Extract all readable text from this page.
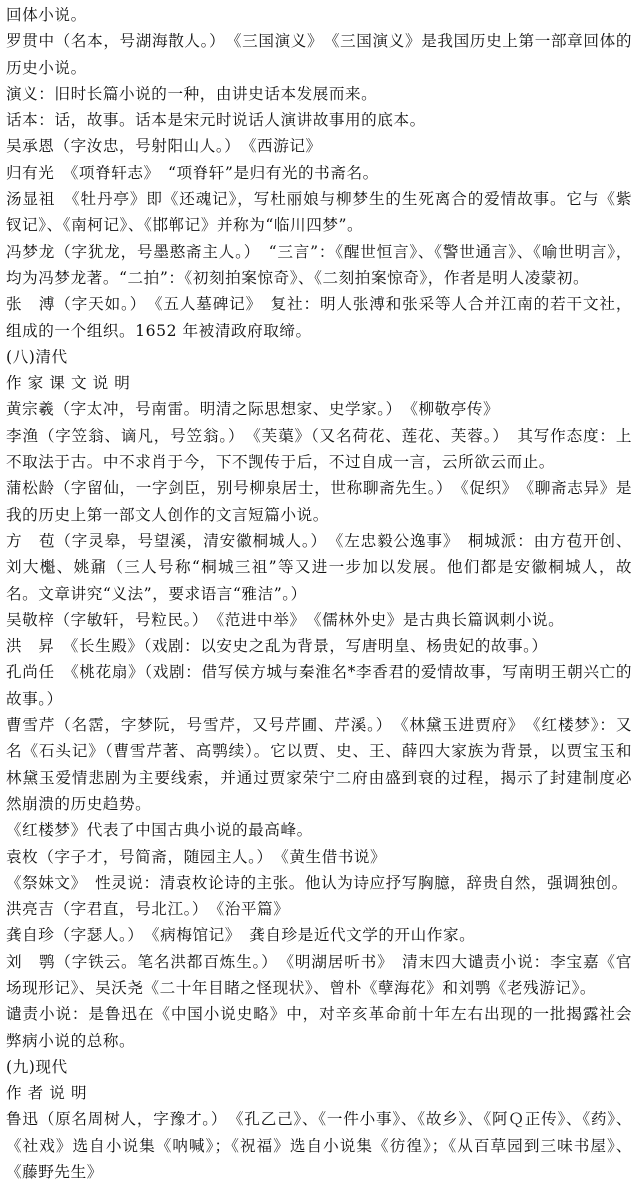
回体小说。

罗贯中（名本，号湖海散人。）　《三国演义》　《三国演义》是我国历史上第一部章回体的历史小说。

演义：旧时长篇小说的一种，由讲史话本发展而来。

话本：话，故事。话本是宋元时说话人演讲故事用的底本。

吴承恩（字汝忠，号射阳山人。）　《西游记》

归有光　《项脊轩志》　“项脊轩”是归有光的书斋名。

汤显祖　《牡丹亭》即《还魂记》，写杜丽娘与柳梦生的生死离合的爱情故事。它与《紫钗记》、《南柯记》、《邯郸记》并称为“临川四梦”。

冯梦龙（字犹龙，号墨憨斋主人。）　“三言”：《醒世恒言》、《警世通言》、《喻世明言》，均为冯梦龙著。“二拍”：《初刻拍案惊奇》、《二刻拍案惊奇》，作者是明人凌蒙初。

张　溥（字天如。）　《五人墓碑记》　复社：明人张溥和张采等人合并江南的若干文社，组成的一个组织。1652 年被清政府取缔。

(八)清代

作 家 课 文 说 明

黄宗羲（字太冲，号南雷。明清之际思想家、史学家。）　《柳敬亭传》

李渔（字笠翁、谪凡，号笠翁。）　《芙蕖》（又名荷花、莲花、芙蓉。）　其写作态度：上不取法于古。中不求肖于今，下不觊传于后，不过自成一言，云所欲云而止。

蒲松龄（字留仙，一字剑臣，别号柳泉居士，世称聊斋先生。）　《促织》　《聊斋志异》是我的历史上第一部文人创作的文言短篇小说。

方　苞（字灵皋，号望溪，清安徽桐城人。）　《左忠毅公逸事》　桐城派：由方苞开创、刘大櫆、姚鼐（三人号称“桐城三祖”等又进一步加以发展。他们都是安徽桐城人，故名。文章讲究“义法”，要求语言“雅洁”。）

吴敬梓（字敏轩，号粒民。）　《范进中举》　《儒林外史》是古典长篇讽刺小说。

洪　昇　《长生殿》（戏剧：以安史之乱为背景，写唐明皇、杨贵妃的故事。）

孔尚任　《桃花扇》（戏剧：借写侯方城与秦淮名*李香君的爱情故事，写南明王朝兴亡的故事。）

曹雪芹（名霑，字梦阮，号雪芹，又号芹圃、芹溪。）　《林黛玉进贾府》　《红楼梦》：又名《石头记》（曹雪芹著、高鹗续）。它以贾、史、王、薛四大家族为背景，以贾宝玉和林黛玉爱情悲剧为主要线索，并通过贾家荣宁二府由盛到衰的过程，揭示了封建制度必然崩溃的历史趋势。

《红楼梦》代表了中国古典小说的最高峰。

袁枚（字子才，号简斋，随园主人。）　《黄生借书说》

《祭妹文》　性灵说：清袁枚论诗的主张。他认为诗应抒写胸臆，辞贵自然，强调独创。

洪亮吉（字君直，号北江。）　《治平篇》

龚自珍（字瑟人。）　《病梅馆记》　龚自珍是近代文学的开山作家。

刘　鹗（字铁云。笔名洪都百炼生。）　《明湖居听书》　清末四大谴责小说：李宝嘉《官场现形记》、吴沃尧《二十年目睹之怪现状》、曾朴《孽海花》和刘鹗《老残游记》。

谴责小说：是鲁迅在《中国小说史略》中，对辛亥革命前十年左右出现的一批揭露社会弊病小说的总称。

(九)现代

作 者 说 明

鲁迅（原名周树人，字豫才。）　《孔乙己》、《一件小事》、《故乡》、《阿Ｑ正传》、《药》、《社戏》选自小说集《呐喊》；《祝福》选自小说集《彷徨》；《从百草园到三味书屋》、《藤野先生》
